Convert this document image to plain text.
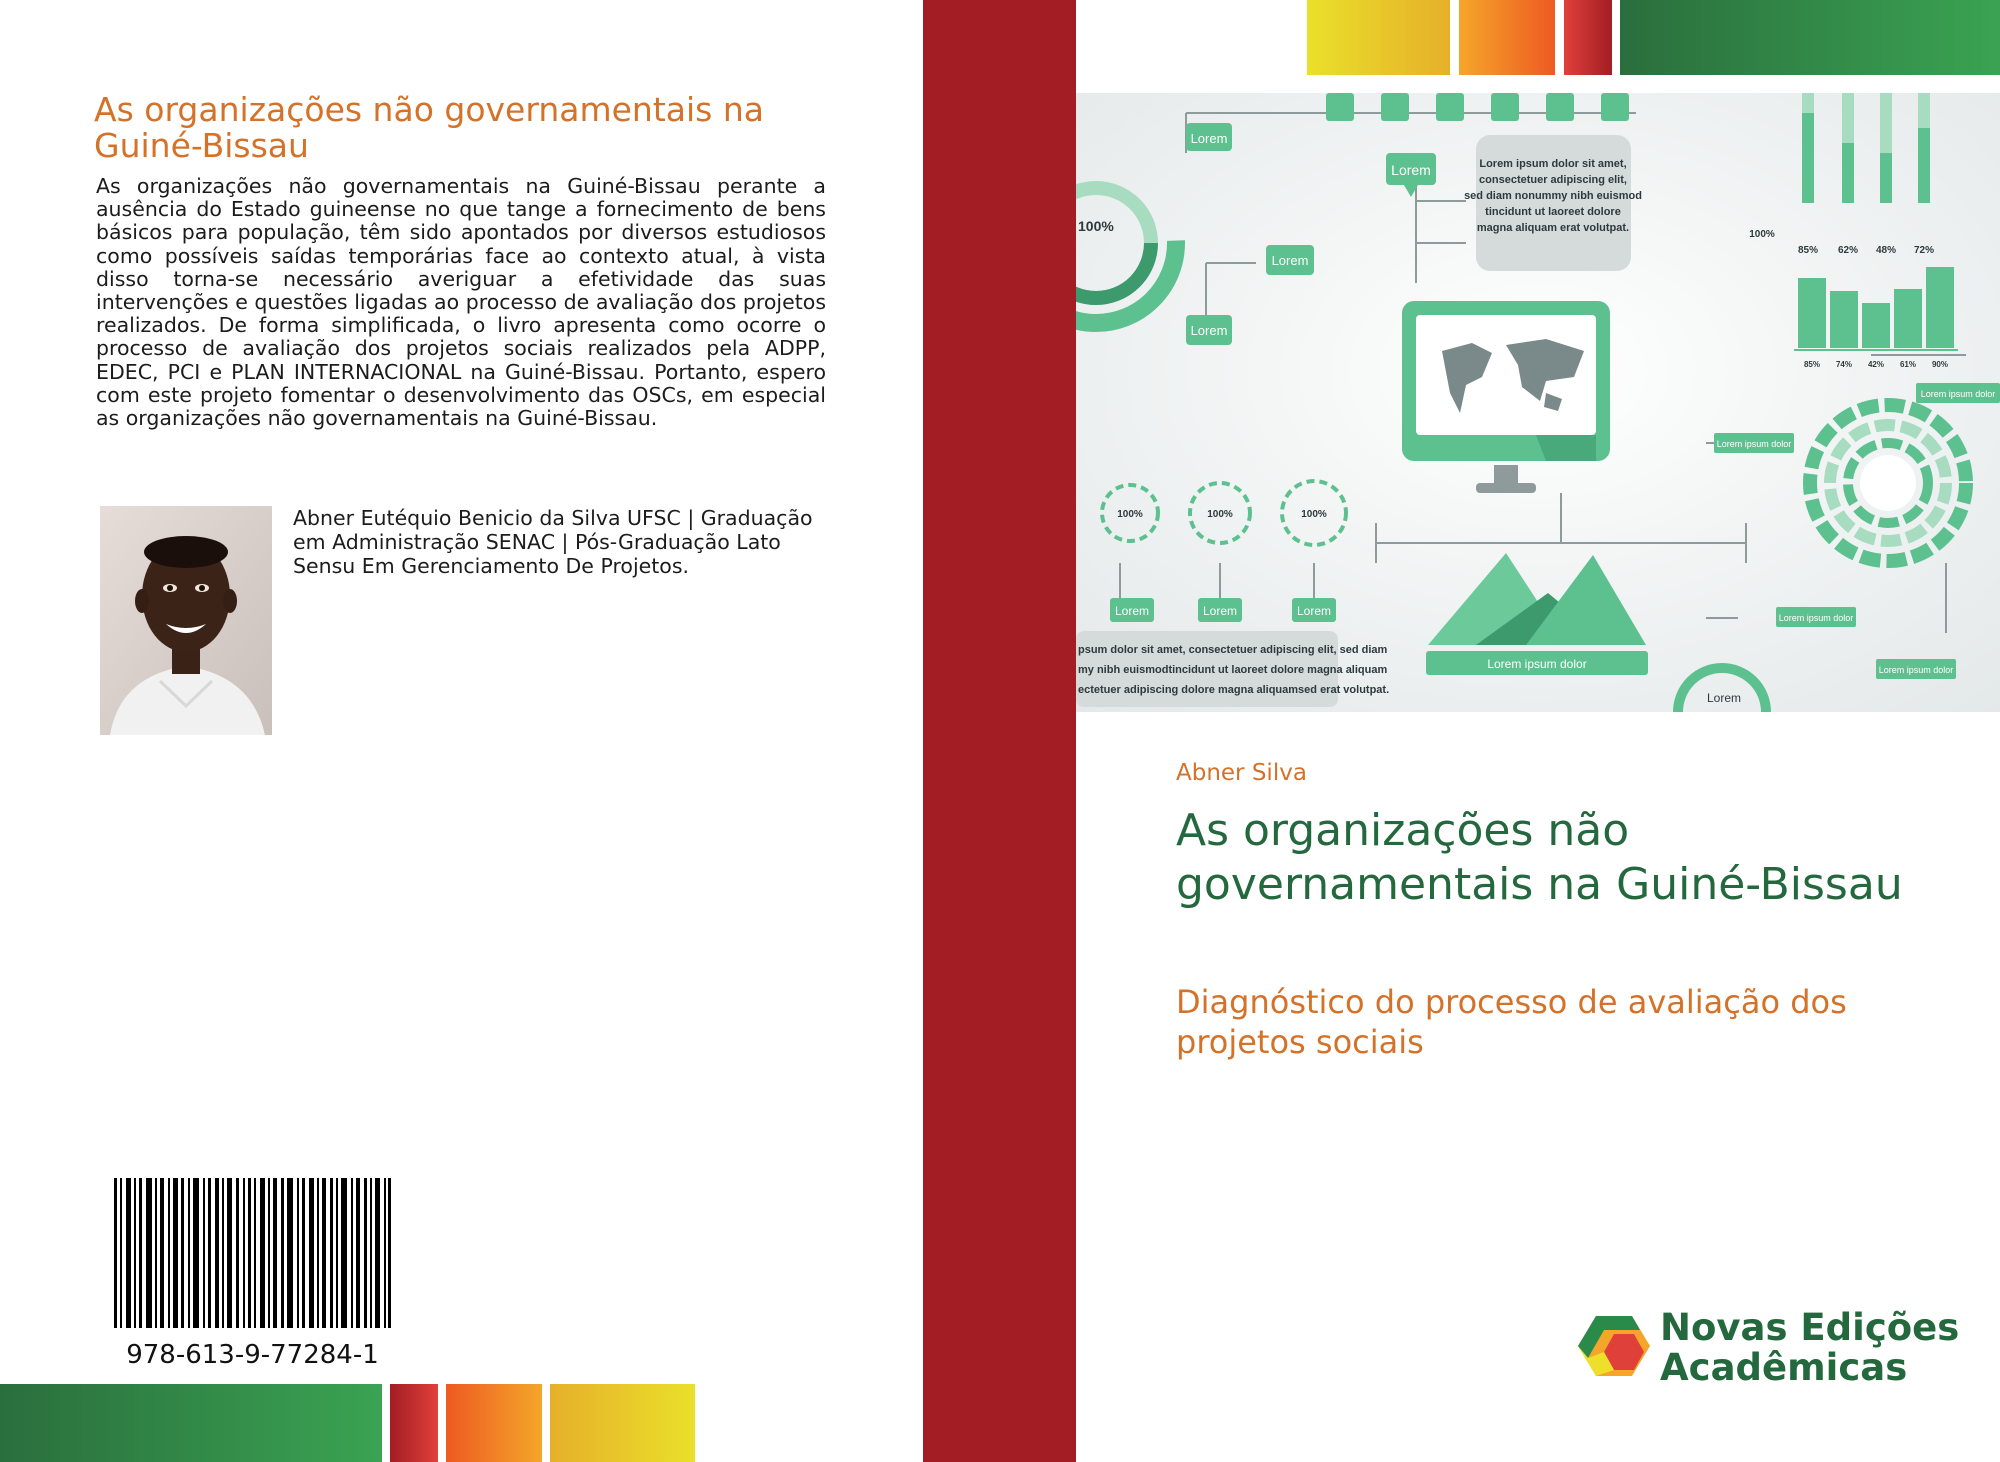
As organizações não governamentais na Guiné-Bissau
As organizações não governamentais na Guiné-Bissau perante a ausência do Estado guineense no que tange a fornecimento de bens básicos para população, têm sido apontados por diversos estudiosos como possíveis saídas temporárias face ao contexto atual, à vista disso torna-se necessário averiguar a efetividade das suas intervenções e questões ligadas ao processo de avaliação dos projetos realizados. De forma simplificada, o livro apresenta como ocorre o processo de avaliação dos projetos sociais realizados pela ADPP, EDEC, PCI e PLAN INTERNACIONAL na Guiné-Bissau. Portanto, espero com este projeto fomentar o desenvolvimento das OSCs, em especial as organizações não governamentais na Guiné-Bissau.
Abner Eutéquio Benicio da Silva UFSC | Graduação em Administração SENAC | Pós-Graduação Lato Sensu Em Gerenciamento De Projetos.
978-613-9-77284-1
Lorem
Lorem
Lorem
Lorem
Lorem ipsum dolor sit amet,
consectetuer adipiscing elit,
sed diam nonummy nibh euismod
tincidunt ut laoreet dolore
magna aliquam erat volutpat.
100%
Lorem ipsum dolor
100%	100%	100%
Lorem	Lorem	Lorem
psum dolor sit amet, consectetuer adipiscing elit, sed diam
my nibh euismodtincidunt ut laoreet dolore magna aliquam
ectetuer adipiscing dolore magna aliquamsed erat volutpat.
100%
85% 62% 48% 72%
85% 74% 42% 61% 90%
Lorem ipsum dolor
Lorem ipsum dolor
Lorem ipsum dolor
Lorem ipsum dolor
Lorem
Abner Silva
As organizações não governamentais na Guiné-Bissau
Diagnóstico do processo de avaliação dos projetos sociais
Novas Edições
Acadêmicas
